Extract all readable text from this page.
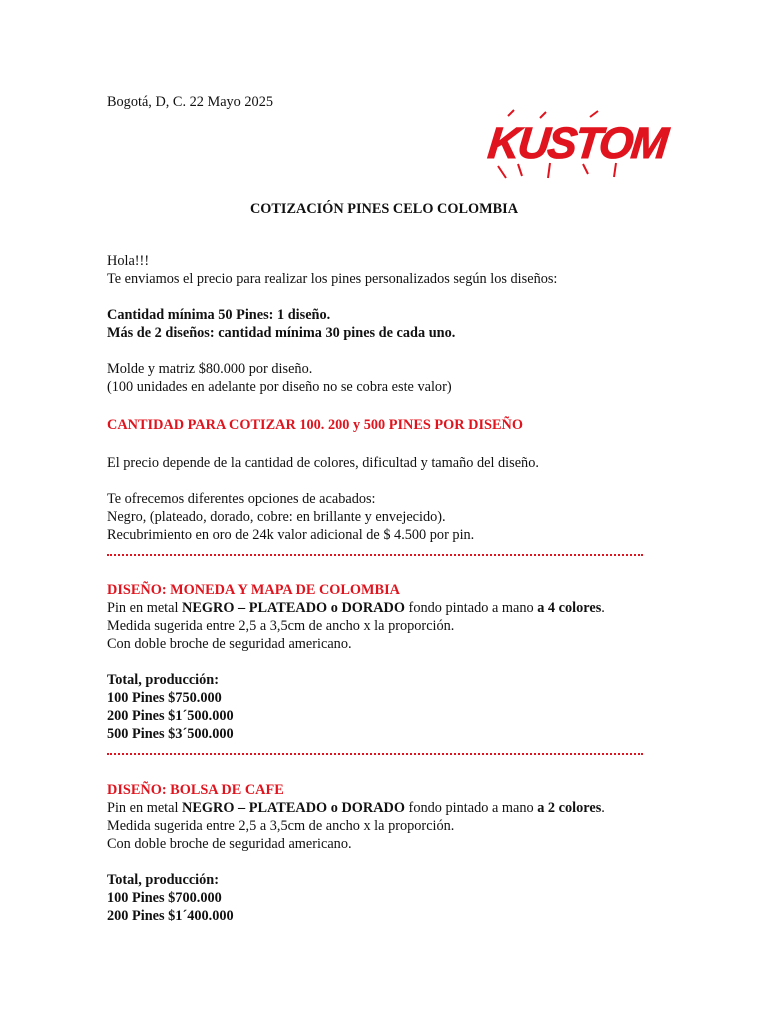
Bogotá, D, C. 22 Mayo 2025
KUSTOM
COTIZACIÓN PINES CELO COLOMBIA
Hola!!!
Te enviamos el precio para realizar los pines personalizados según los diseños:
Cantidad mínima 50 Pines: 1 diseño.
Más de 2 diseños: cantidad mínima 30 pines de cada uno.
Molde y matriz $80.000 por diseño.
(100 unidades en adelante por diseño no se cobra este valor)
CANTIDAD PARA COTIZAR 100. 200 y 500 PINES POR DISEÑO
El precio depende de la cantidad de colores, dificultad y tamaño del diseño.
Te ofrecemos diferentes opciones de acabados:
Negro, (plateado, dorado, cobre: en brillante y envejecido).
Recubrimiento en oro de 24k valor adicional de $ 4.500 por pin.
DISEÑO: MONEDA Y MAPA DE COLOMBIA
Pin en metal NEGRO – PLATEADO o DORADO fondo pintado a mano a 4 colores.
Medida sugerida entre 2,5 a 3,5cm de ancho x la proporción.
Con doble broche de seguridad americano.
Total, producción:
100 Pines $750.000
200 Pines $1´500.000
500 Pines $3´500.000
DISEÑO: BOLSA DE CAFE
Pin en metal NEGRO – PLATEADO o DORADO fondo pintado a mano a 2 colores.
Medida sugerida entre 2,5 a 3,5cm de ancho x la proporción.
Con doble broche de seguridad americano.
Total, producción:
100 Pines $700.000
200 Pines $1´400.000
